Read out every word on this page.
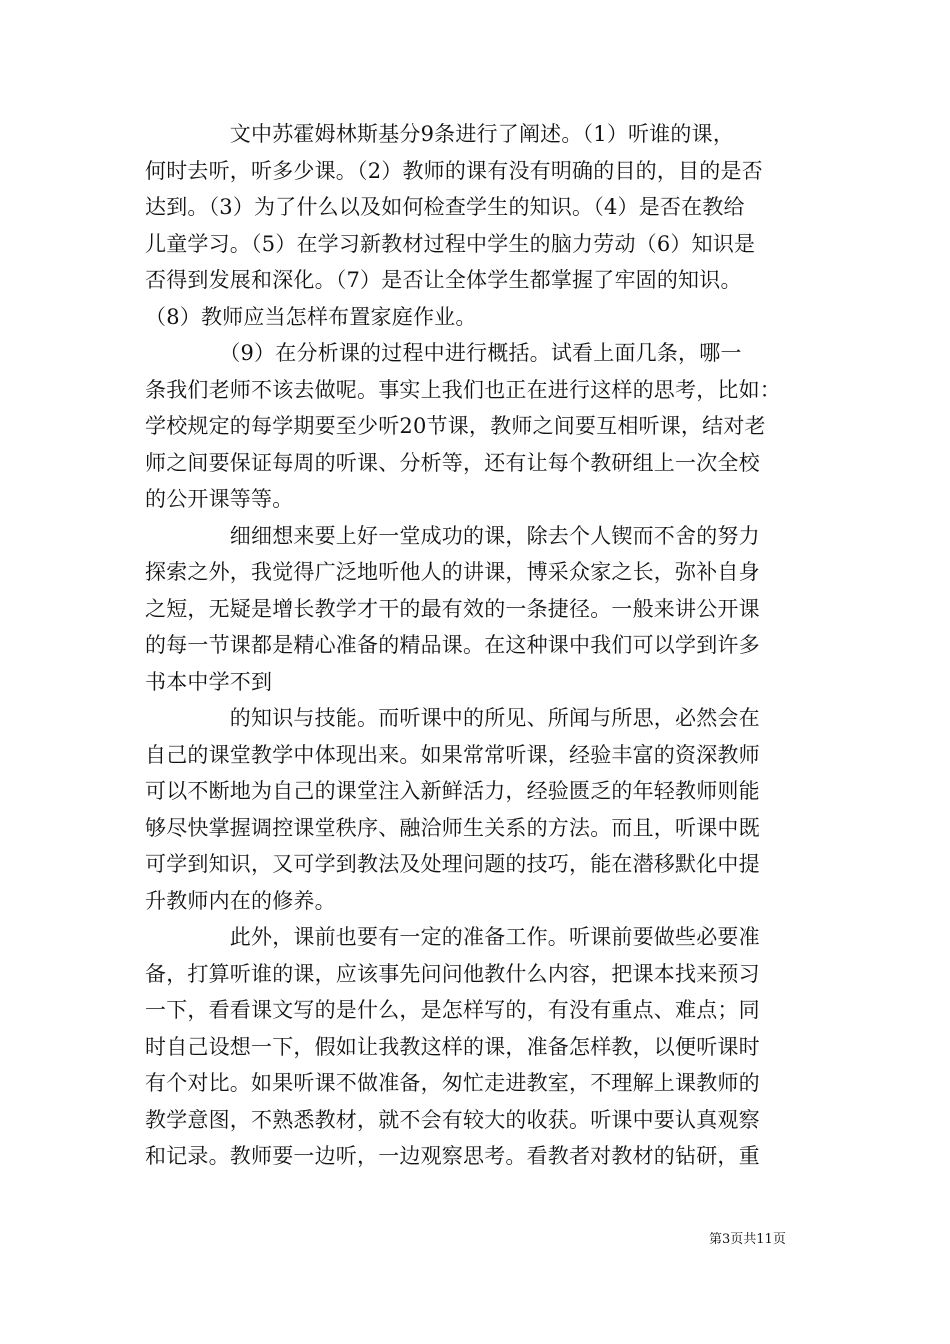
　　　　文中苏霍姆林斯基分9条进行了阐述。（1）听谁的课，
何时去听，听多少课。（2）教师的课有没有明确的目的，目的是否
达到。（3）为了什么以及如何检查学生的知识。（4）是否在教给
儿童学习。（5）在学习新教材过程中学生的脑力劳动（6）知识是
否得到发展和深化。（7）是否让全体学生都掌握了牢固的知识。
（8）教师应当怎样布置家庭作业。
　　　　（9）在分析课的过程中进行概括。试看上面几条，哪一
条我们老师不该去做呢。事实上我们也正在进行这样的思考，比如：
学校规定的每学期要至少听20节课，教师之间要互相听课，结对老
师之间要保证每周的听课、分析等，还有让每个教研组上一次全校
的公开课等等。
　　　　细细想来要上好一堂成功的课，除去个人锲而不舍的努力
探索之外，我觉得广泛地听他人的讲课，博采众家之长，弥补自身
之短，无疑是增长教学才干的最有效的一条捷径。一般来讲公开课
的每一节课都是精心准备的精品课。在这种课中我们可以学到许多
书本中学不到
　　　　的知识与技能。而听课中的所见、所闻与所思，必然会在
自己的课堂教学中体现出来。如果常常听课，经验丰富的资深教师
可以不断地为自己的课堂注入新鲜活力，经验匮乏的年轻教师则能
够尽快掌握调控课堂秩序、融洽师生关系的方法。而且，听课中既
可学到知识，又可学到教法及处理问题的技巧，能在潜移默化中提
升教师内在的修养。
　　　　此外，课前也要有一定的准备工作。听课前要做些必要准
备，打算听谁的课，应该事先问问他教什么内容，把课本找来预习
一下，看看课文写的是什么，是怎样写的，有没有重点、难点；同
时自己设想一下，假如让我教这样的课，准备怎样教，以便听课时
有个对比。如果听课不做准备，匆忙走进教室，不理解上课教师的
教学意图，不熟悉教材，就不会有较大的收获。听课中要认真观察
和记录。教师要一边听，一边观察思考。看教者对教材的钻研，重
第3页共11页
